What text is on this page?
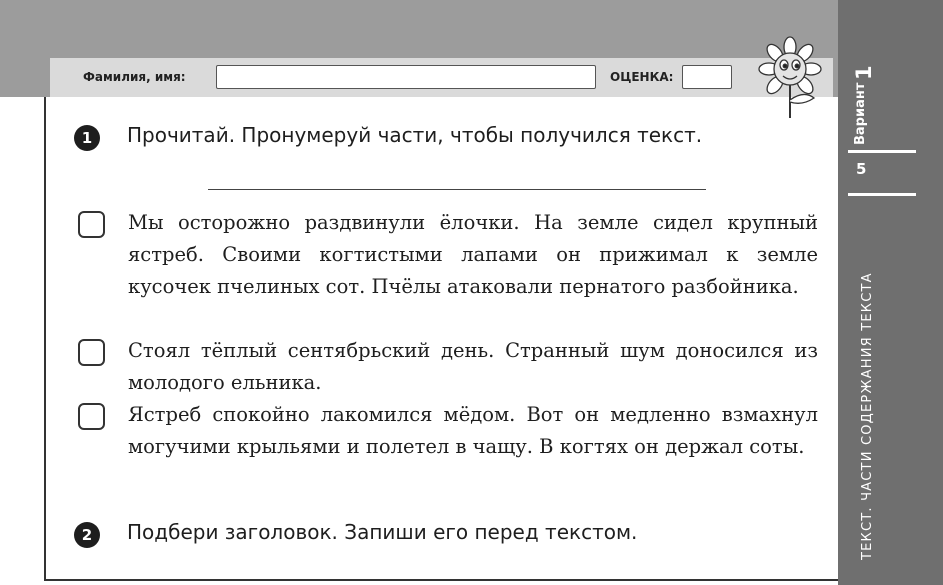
Фамилия, имя:	ОЦЕНКА:	1
Вариант
5
ТЕКСТ. ЧАСТИ СОДЕРЖАНИЯ ТЕКСТА
1	Прочитай. Пронумеруй части, чтобы получился текст.

Мы осторожно раздвинули ёлочки. На земле сидел крупный ястреб. Своими когтистыми лапами он прижимал к земле кусочек пчелиных сот. Пчёлы атаковали пернатого разбойника.

Стоял тёплый сентябрьский день. Странный шум доносился из молодого ельника.

Ястреб спокойно лакомился мёдом. Вот он медленно взмахнул могучими крыльями и полетел в чащу. В когтях он держал соты.

2	Подбери заголовок. Запиши его перед текстом.
